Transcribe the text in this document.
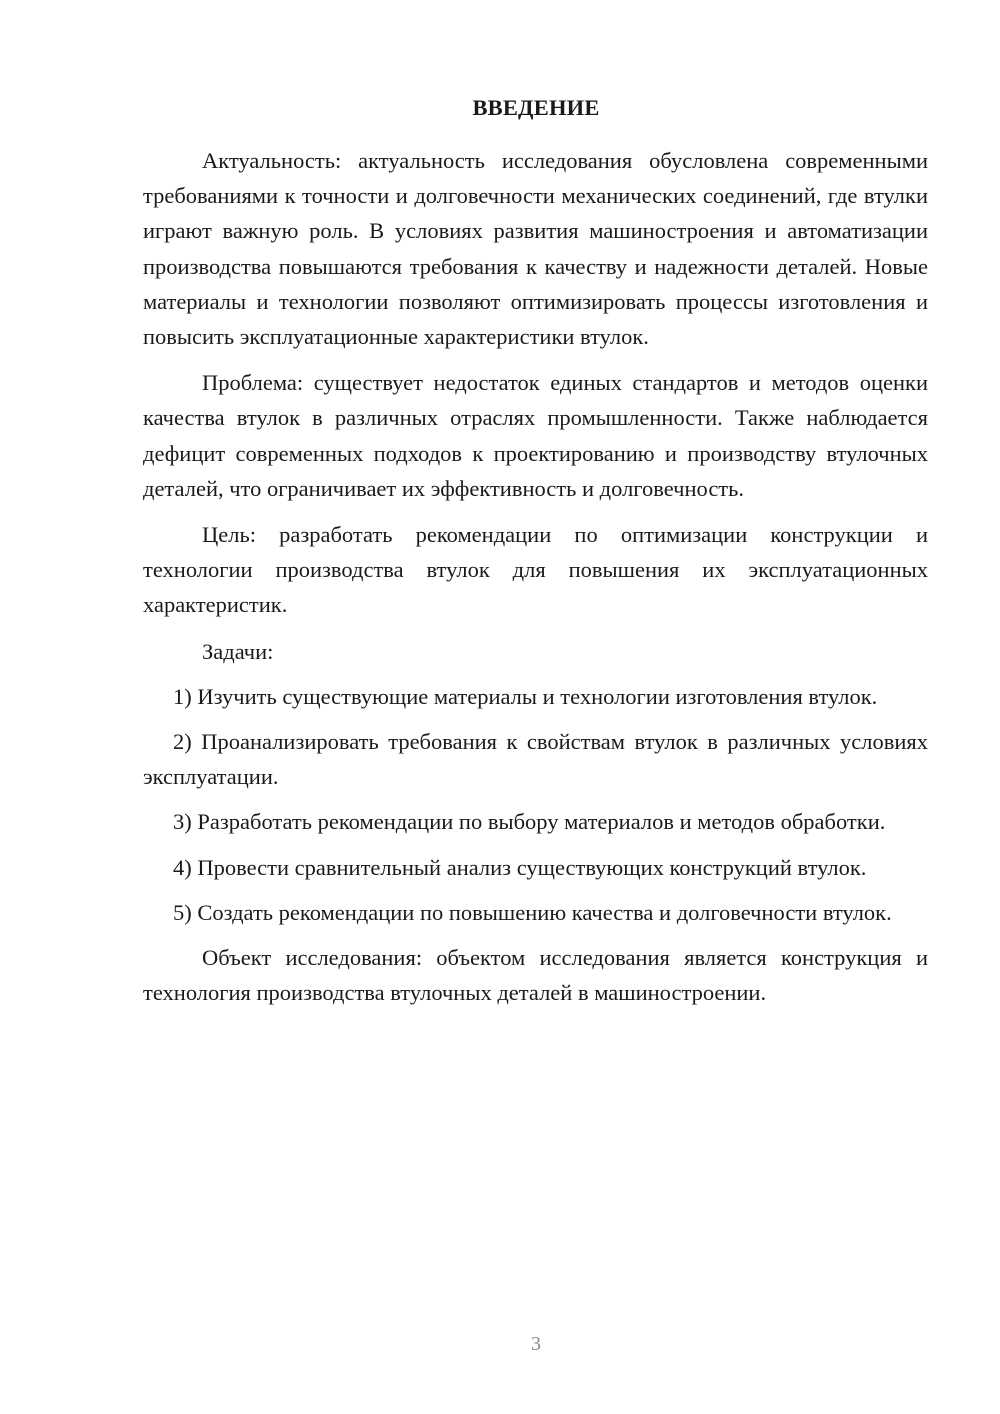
ВВЕДЕНИЕ

Актуальность: актуальность исследования обусловлена современными требованиями к точности и долговечности механических соединений, где втулки играют важную роль. В условиях развития машиностроения и автоматизации производства повышаются требования к качеству и надежности деталей. Новые материалы и технологии позволяют оптимизировать процессы изготовления и повысить эксплуатационные характеристики втулок.

Проблема: существует недостаток единых стандартов и методов оценки качества втулок в различных отраслях промышленности. Также наблюдается дефицит современных подходов к проектированию и производству втулочных деталей, что ограничивает их эффективность и долговечность.

Цель: разработать рекомендации по оптимизации конструкции и технологии производства втулок для повышения их эксплуатационных характеристик.

Задачи:

1) Изучить существующие материалы и технологии изготовления втулок.

2) Проанализировать требования к свойствам втулок в различных условиях эксплуатации.

3) Разработать рекомендации по выбору материалов и методов обработки.

4) Провести сравнительный анализ существующих конструкций втулок.

5) Создать рекомендации по повышению качества и долговечности втулок.

Объект исследования: объектом исследования является конструкция и технология производства втулочных деталей в машиностроении.

3
